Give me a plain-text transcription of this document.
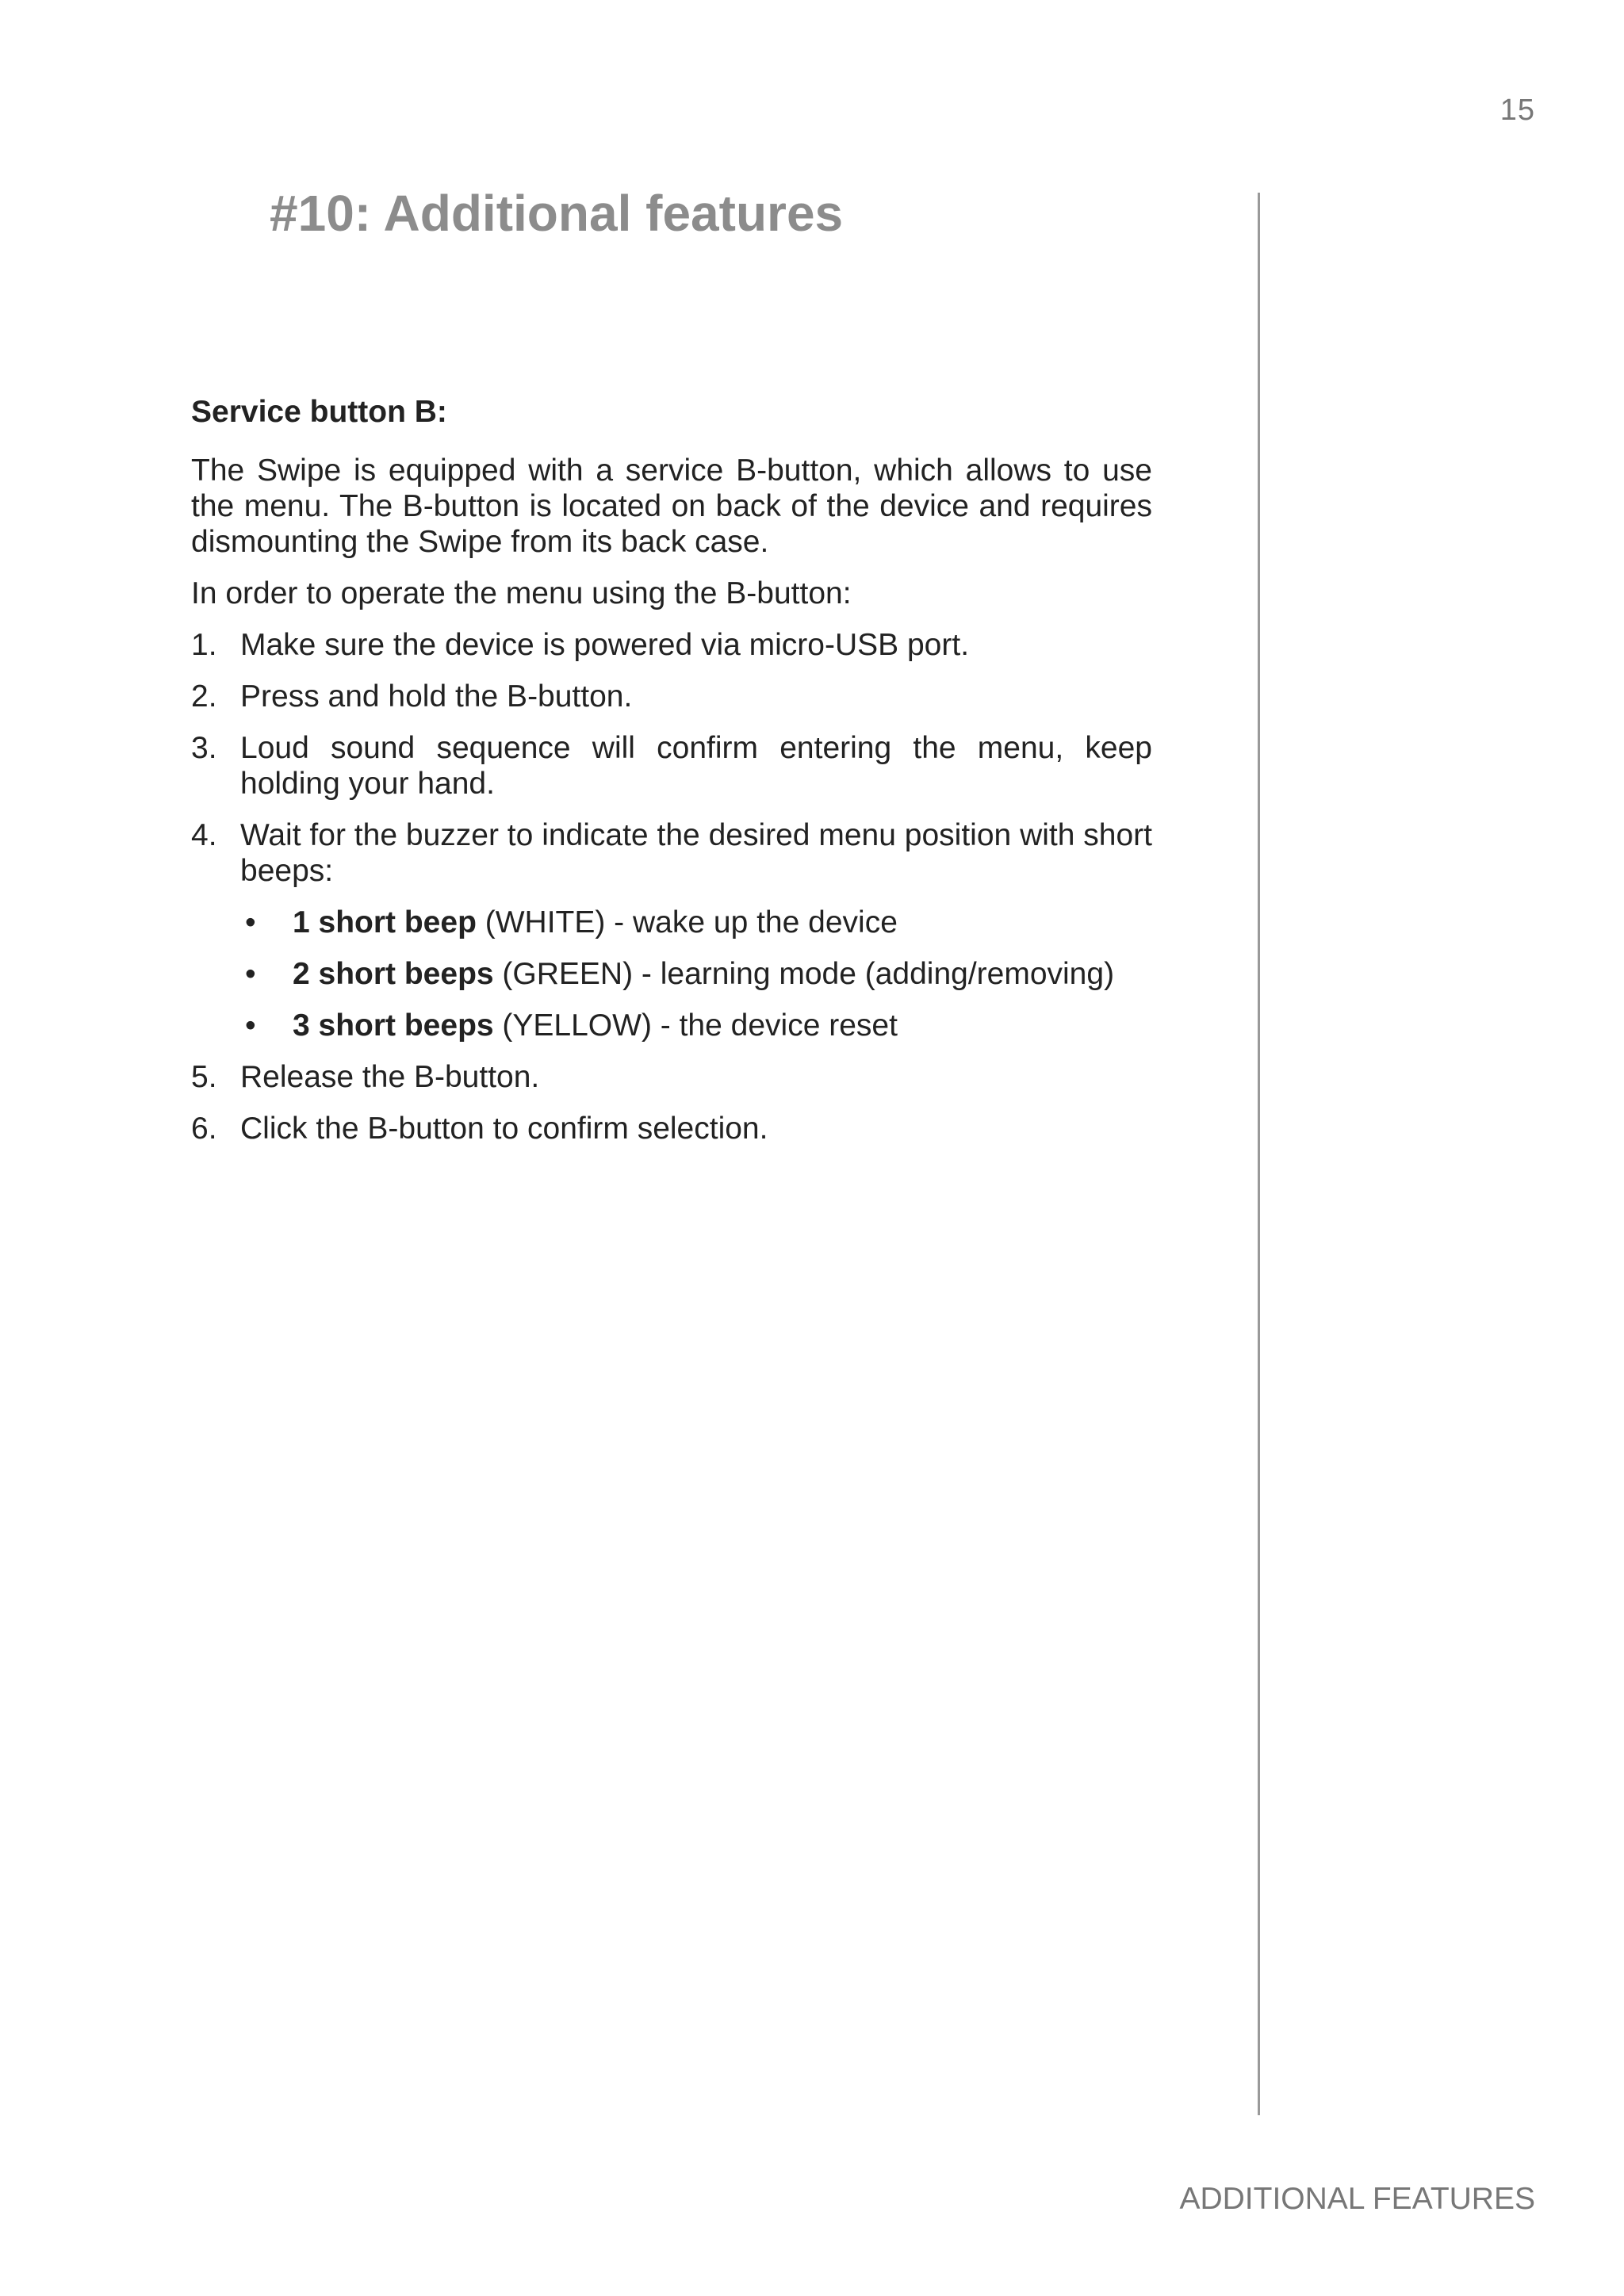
15
#10: Additional features

Service button B:

The Swipe is equipped with a service B-button, which allows to use the menu. The B-button is located on back of the device and requires dismounting the Swipe from its back case.

In order to operate the menu using the B-button:

1. Make sure the device is powered via micro-USB port.
2. Press and hold the B-button.
3. Loud sound sequence will confirm entering the menu, keep holding your hand.
4. Wait for the buzzer to indicate the desired menu position with short beeps:
•	1 short beep (WHITE) - wake up the device
•	2 short beeps (GREEN) - learning mode (adding/removing)
•	3 short beeps (YELLOW) - the device reset
5. Release the B-button.
6. Click the B-button to confirm selection.
ADDITIONAL FEATURES
